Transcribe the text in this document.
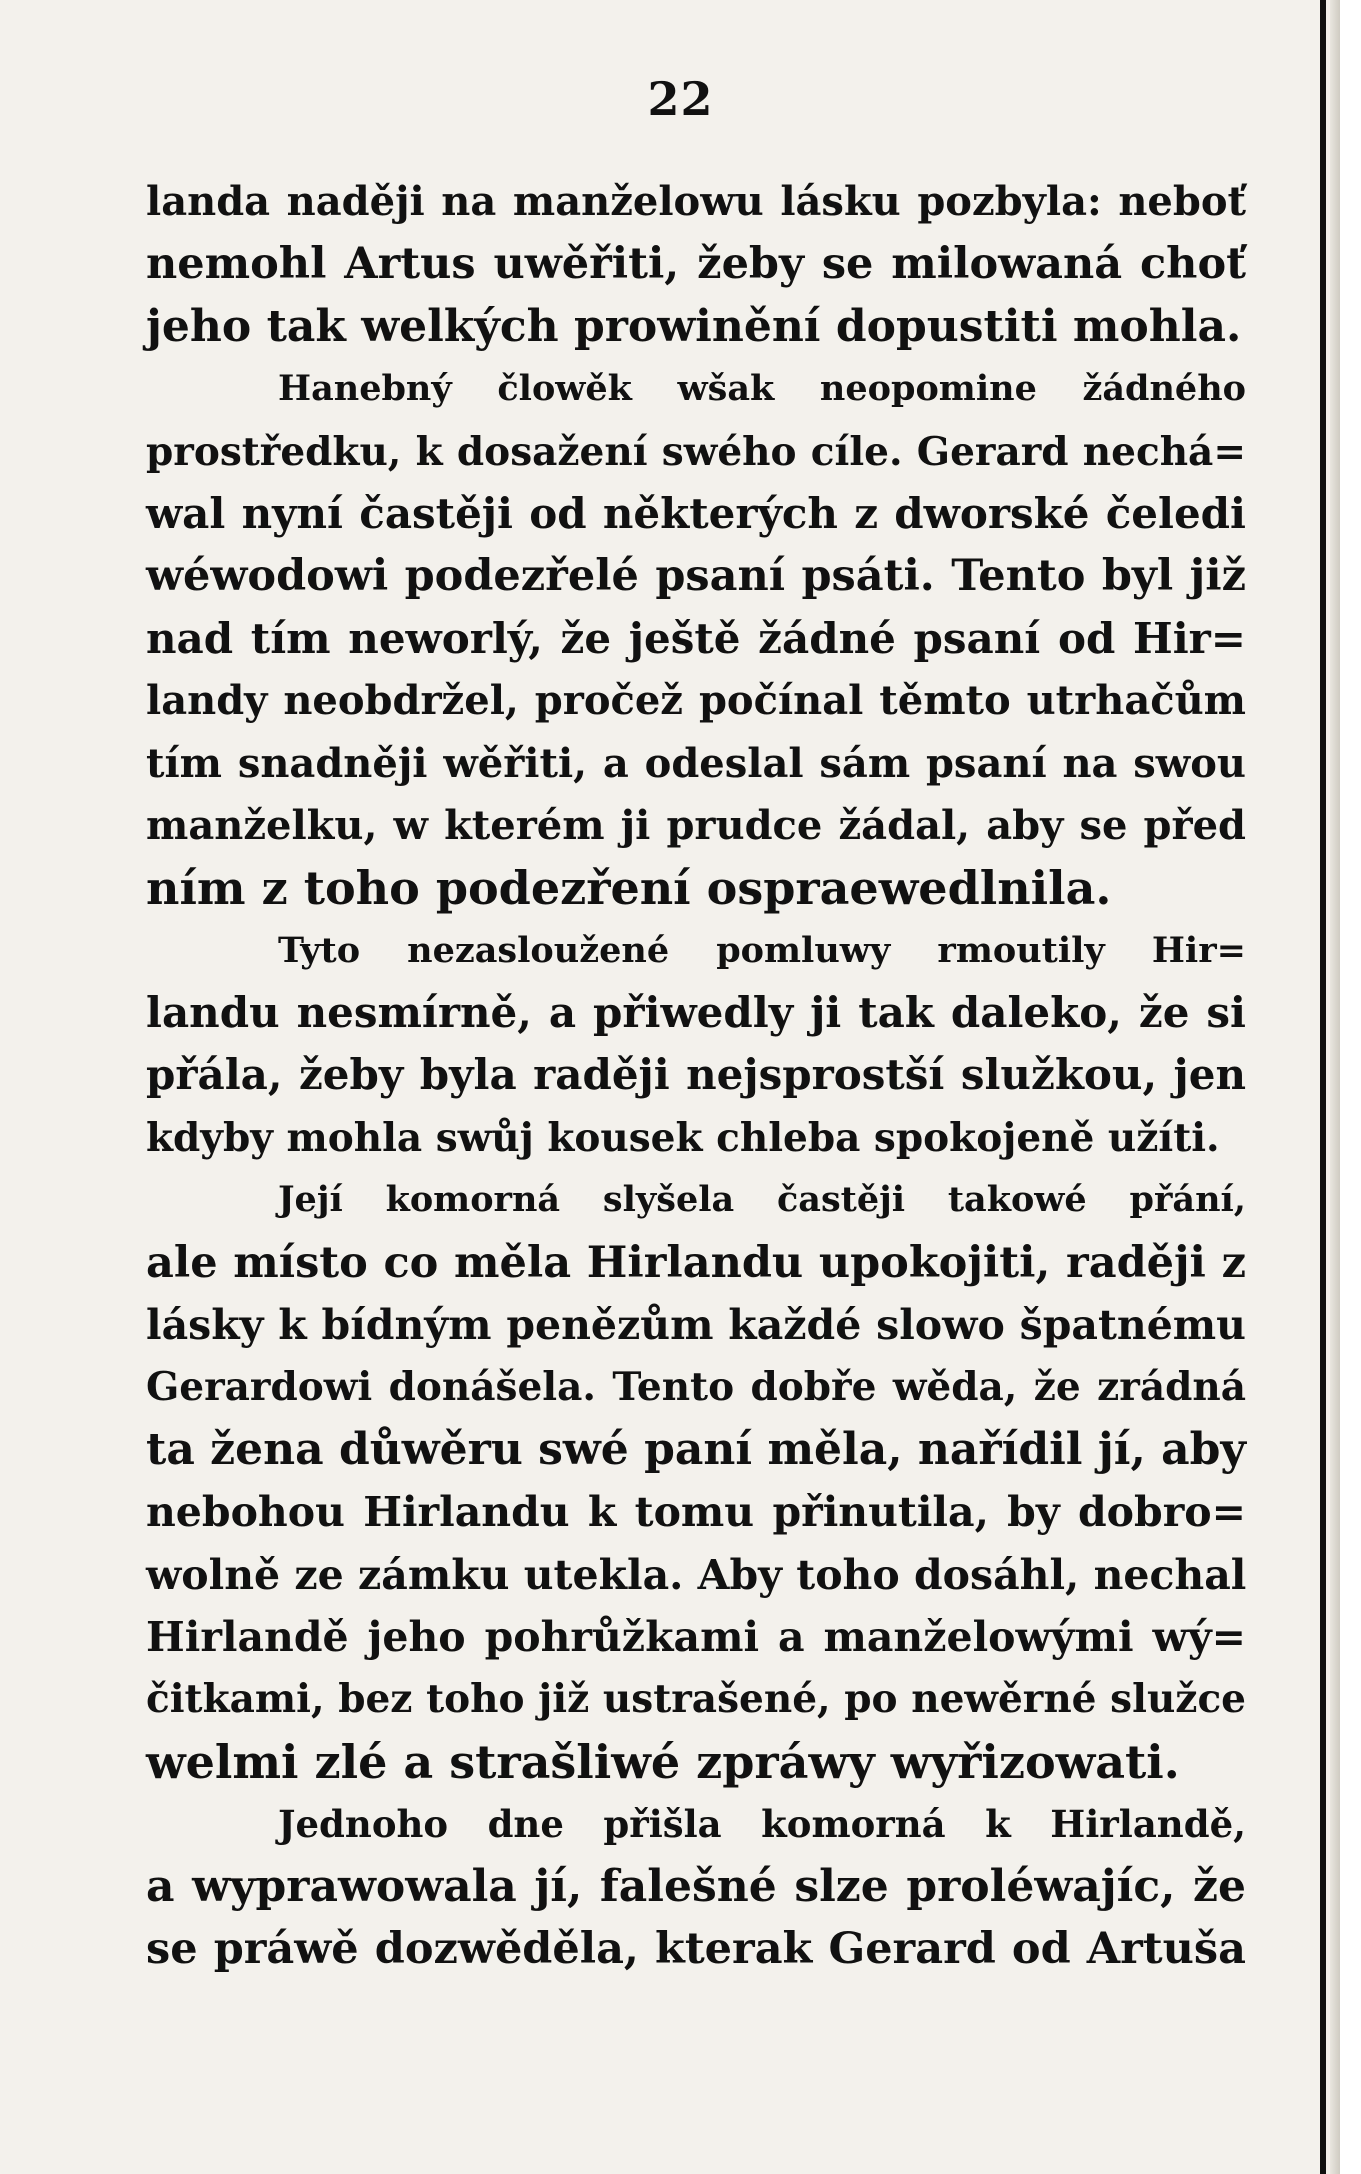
22
landa naději na manželowu lásku pozbyla: neboť
nemohl Artus uwěřiti, žeby se milowaná choť
jeho tak welkých prowinění dopustiti mohla.
Hanebný člowěk wšak neopomine žádného
prostředku, k dosažení swého cíle. Gerard nechá=
wal nyní častěji od některých z dworské čeledi
wéwodowi podezřelé psaní psáti. Tento byl již
nad tím neworlý, že ještě žádné psaní od Hir=
landy neobdržel, pročež počínal těmto utrhačům
tím snadněji wěřiti, a odeslal sám psaní na swou
manželku, w kterém ji prudce žádal, aby se před
ním z toho podezření ospraewedlnila.
Tyto nezasloužené pomluwy rmoutily Hir=
landu nesmírně, a přiwedly ji tak daleko, že si
přála, žeby byla raději nejsprostší služkou, jen
kdyby mohla swůj kousek chleba spokojeně užíti.
Její komorná slyšela častěji takowé přání,
ale místo co měla Hirlandu upokojiti, raději z
lásky k bídným penězům každé slowo špatnému
Gerardowi donášela. Tento dobře wěda, že zrádná
ta žena důwěru swé paní měla, nařídil jí, aby
nebohou Hirlandu k tomu přinutila, by dobro=
wolně ze zámku utekla. Aby toho dosáhl, nechal
Hirlandě jeho pohrůžkami a manželowými wý=
čitkami, bez toho již ustrašené, po newěrné služce
welmi zlé a strašliwé zpráwy wyřizowati.
Jednoho dne přišla komorná k Hirlandě,
a wyprawowala jí, falešné slze proléwajíc, že
se práwě dozwěděla, kterak Gerard od Artuša
